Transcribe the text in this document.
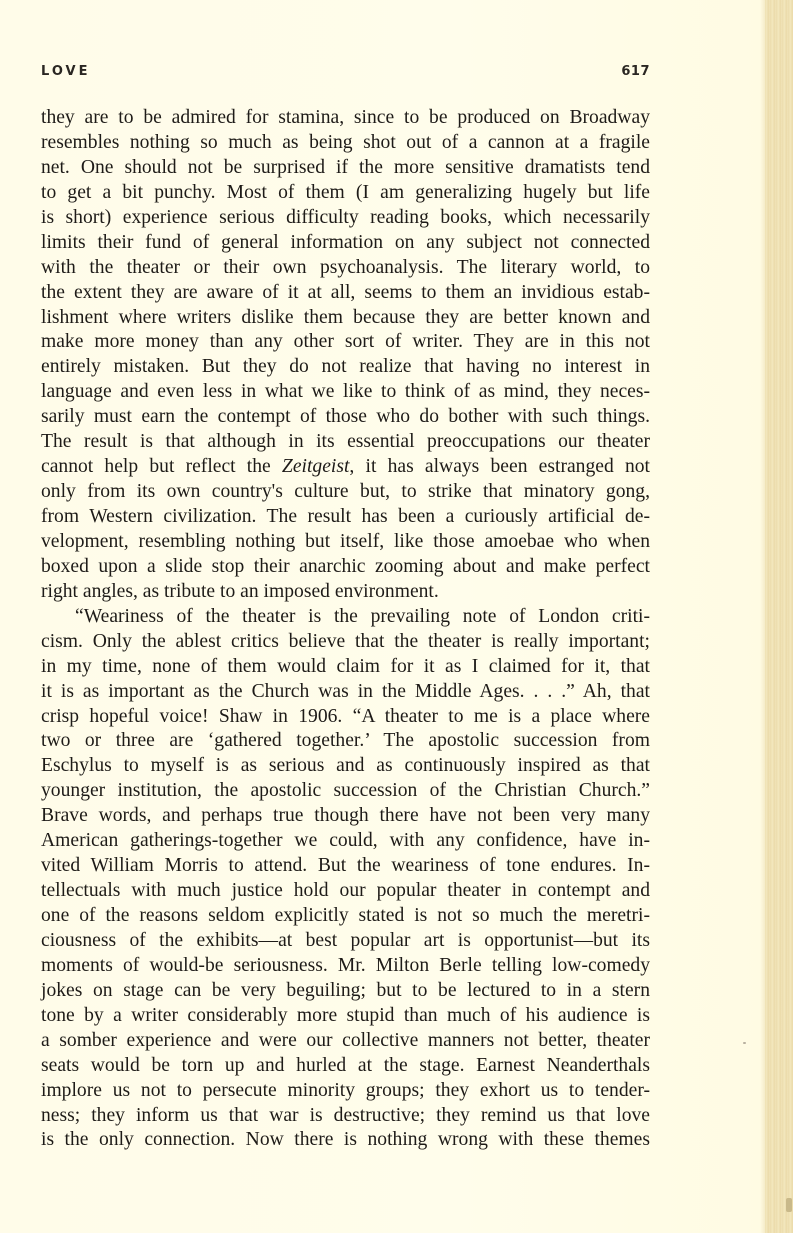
LOVE	617
they are to be admired for stamina, since to be produced on Broadway
resembles nothing so much as being shot out of a cannon at a fragile
net. One should not be surprised if the more sensitive dramatists tend
to get a bit punchy. Most of them (I am generalizing hugely but life
is short) experience serious difficulty reading books, which necessarily
limits their fund of general information on any subject not connected
with the theater or their own psychoanalysis. The literary world, to
the extent they are aware of it at all, seems to them an invidious estab-
lishment where writers dislike them because they are better known and
make more money than any other sort of writer. They are in this not
entirely mistaken. But they do not realize that having no interest in
language and even less in what we like to think of as mind, they neces-
sarily must earn the contempt of those who do bother with such things.
The result is that although in its essential preoccupations our theater
cannot help but reflect the Zeitgeist, it has always been estranged not
only from its own country's culture but, to strike that minatory gong,
from Western civilization. The result has been a curiously artificial de-
velopment, resembling nothing but itself, like those amoebae who when
boxed upon a slide stop their anarchic zooming about and make perfect
right angles, as tribute to an imposed environment.
“Weariness of the theater is the prevailing note of London criti-
cism. Only the ablest critics believe that the theater is really important;
in my time, none of them would claim for it as I claimed for it, that
it is as important as the Church was in the Middle Ages. . . .” Ah, that
crisp hopeful voice! Shaw in 1906. “A theater to me is a place where
two or three are ‘gathered together.’ The apostolic succession from
Eschylus to myself is as serious and as continuously inspired as that
younger institution, the apostolic succession of the Christian Church.”
Brave words, and perhaps true though there have not been very many
American gatherings-together we could, with any confidence, have in-
vited William Morris to attend. But the weariness of tone endures. In-
tellectuals with much justice hold our popular theater in contempt and
one of the reasons seldom explicitly stated is not so much the meretri-
ciousness of the exhibits—at best popular art is opportunist—but its
moments of would-be seriousness. Mr. Milton Berle telling low-comedy
jokes on stage can be very beguiling; but to be lectured to in a stern
tone by a writer considerably more stupid than much of his audience is
a somber experience and were our collective manners not better, theater
seats would be torn up and hurled at the stage. Earnest Neanderthals
implore us not to persecute minority groups; they exhort us to tender-
ness; they inform us that war is destructive; they remind us that love
is the only connection. Now there is nothing wrong with these themes
